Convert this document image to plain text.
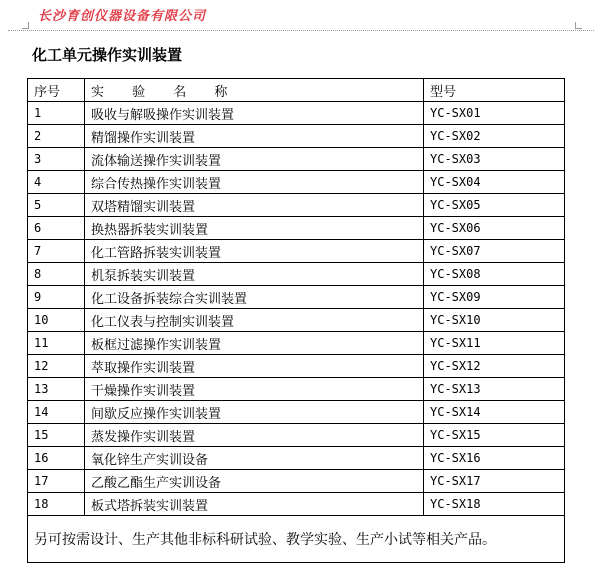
长沙育创仪器设备有限公司
化工单元操作实训装置
序号	实 验 名 称	型号
1	吸收与解吸操作实训装置	YC-SX01
2	精馏操作实训装置	YC-SX02
3	流体输送操作实训装置	YC-SX03
4	综合传热操作实训装置	YC-SX04
5	双塔精馏实训装置	YC-SX05
6	换热器拆装实训装置	YC-SX06
7	化工管路拆装实训装置	YC-SX07
8	机泵拆装实训装置	YC-SX08
9	化工设备拆装综合实训装置	YC-SX09
10	化工仪表与控制实训装置	YC-SX10
11	板框过滤操作实训装置	YC-SX11
12	萃取操作实训装置	YC-SX12
13	干燥操作实训装置	YC-SX13
14	间歇反应操作实训装置	YC-SX14
15	蒸发操作实训装置	YC-SX15
16	氧化锌生产实训设备	YC-SX16
17	乙酸乙酯生产实训设备	YC-SX17
18	板式塔拆装实训装置	YC-SX18
另可按需设计、生产其他非标科研试验、教学实验、生产小试等相关产品。		
